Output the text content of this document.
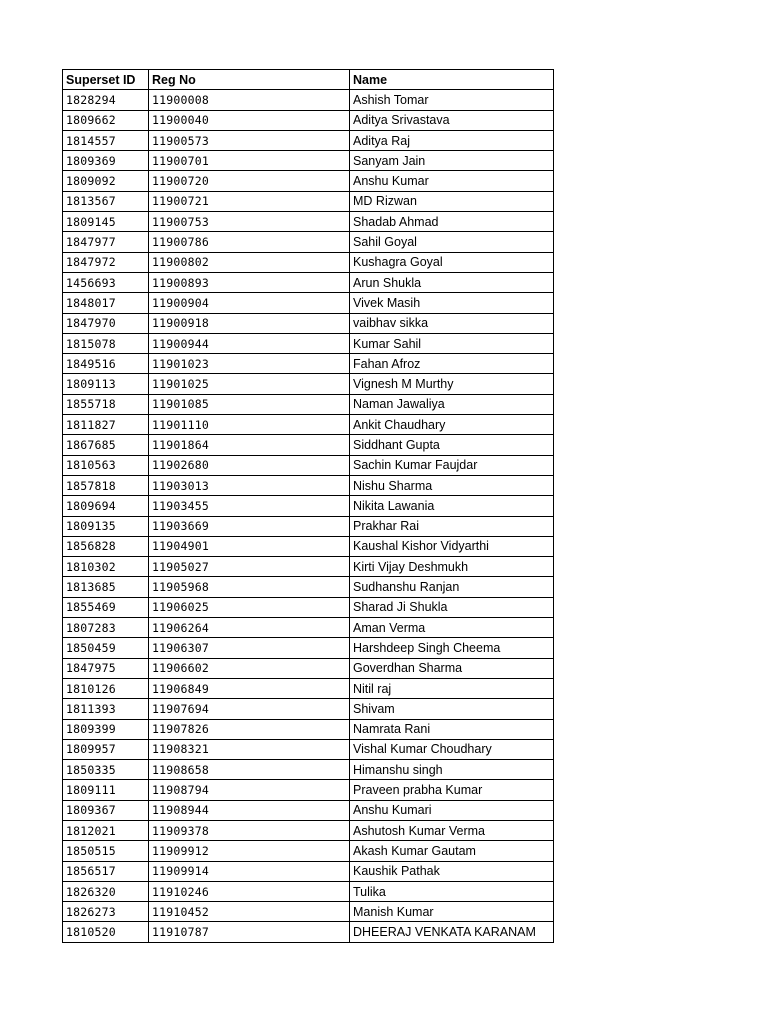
Superset ID	Reg No	Name
1828294	11900008	Ashish Tomar
1809662	11900040	Aditya Srivastava
1814557	11900573	Aditya Raj
1809369	11900701	Sanyam Jain
1809092	11900720	Anshu Kumar
1813567	11900721	MD Rizwan
1809145	11900753	Shadab Ahmad
1847977	11900786	Sahil Goyal
1847972	11900802	Kushagra Goyal
1456693	11900893	Arun Shukla
1848017	11900904	Vivek Masih
1847970	11900918	vaibhav sikka
1815078	11900944	Kumar Sahil
1849516	11901023	Fahan Afroz
1809113	11901025	Vignesh M Murthy
1855718	11901085	Naman Jawaliya
1811827	11901110	Ankit Chaudhary
1867685	11901864	Siddhant Gupta
1810563	11902680	Sachin Kumar Faujdar
1857818	11903013	Nishu Sharma
1809694	11903455	Nikita Lawania
1809135	11903669	Prakhar Rai
1856828	11904901	Kaushal Kishor Vidyarthi
1810302	11905027	Kirti Vijay Deshmukh
1813685	11905968	Sudhanshu Ranjan
1855469	11906025	Sharad Ji Shukla
1807283	11906264	Aman Verma
1850459	11906307	Harshdeep Singh Cheema
1847975	11906602	Goverdhan Sharma
1810126	11906849	Nitil raj
1811393	11907694	Shivam
1809399	11907826	Namrata Rani
1809957	11908321	Vishal Kumar Choudhary
1850335	11908658	Himanshu singh
1809111	11908794	Praveen prabha Kumar
1809367	11908944	Anshu Kumari
1812021	11909378	Ashutosh Kumar Verma
1850515	11909912	Akash Kumar Gautam
1856517	11909914	Kaushik Pathak
1826320	11910246	Tulika
1826273	11910452	Manish Kumar
1810520	11910787	DHEERAJ VENKATA KARANAM
